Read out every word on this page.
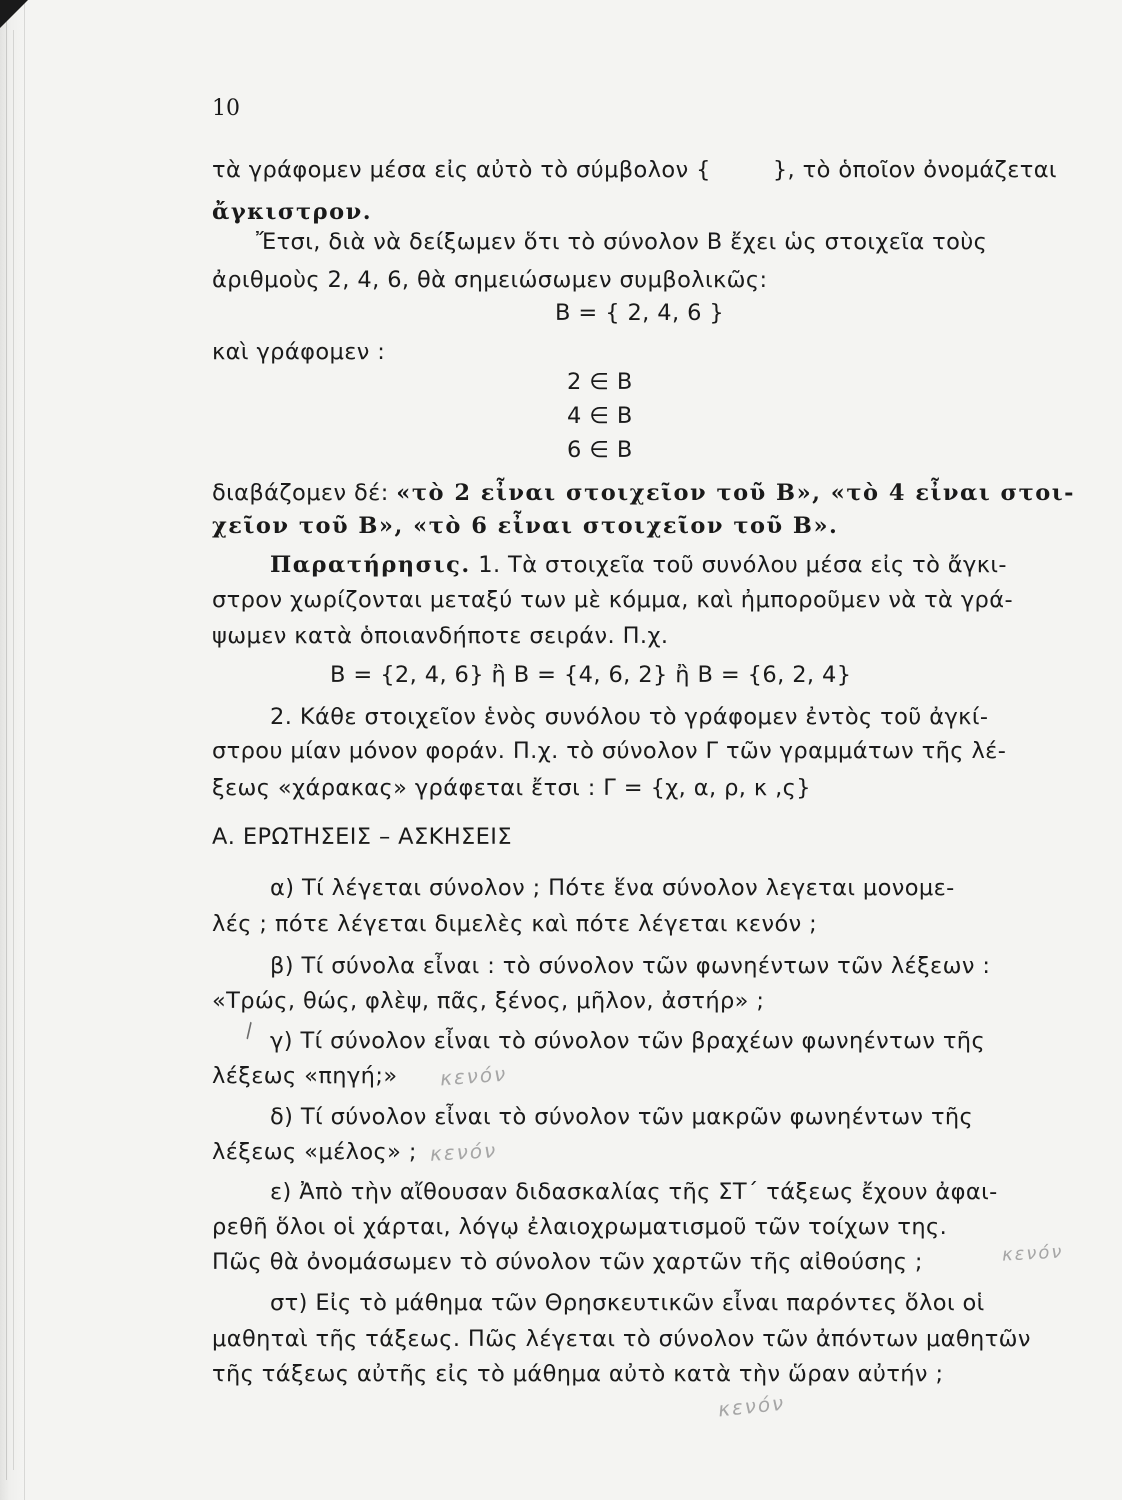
10
τὰ γράφομεν μέσα εἰς αὐτὸ τὸ σύμβολον {	}, τὸ ὁποῖον ὀνομάζεται
ἄγκιστρον.
Ἔτσι, διὰ νὰ δείξωμεν ὅτι τὸ σύνολον Β ἔχει ὡς στοιχεῖα τοὺς
ἀριθμοὺς 2, 4, 6, θὰ σημειώσωμεν συμβολικῶς:
Β = { 2, 4, 6 }
καὶ γράφομεν :
2 ∈ Β
4 ∈ Β
6 ∈ Β
διαβάζομεν δέ: «τὸ 2 εἶναι στοιχεῖον τοῦ Β», «τὸ 4 εἶναι στοι-
χεῖον τοῦ Β», «τὸ 6 εἶναι στοιχεῖον τοῦ Β».
Παρατήρησις. 1. Τὰ στοιχεῖα τοῦ συνόλου μέσα εἰς τὸ ἄγκι-
στρον χωρίζονται μεταξύ των μὲ κόμμα, καὶ ἠμποροῦμεν νὰ τὰ γρά-
ψωμεν κατὰ ὁποιανδήποτε σειράν. Π.χ.
Β = {2, 4, 6} ἢ Β = {4, 6, 2} ἢ Β = {6, 2, 4}
2. Κάθε στοιχεῖον ἑνὸς συνόλου τὸ γράφομεν ἐντὸς τοῦ ἀγκί-
στρου μίαν μόνον φοράν. Π.χ. τὸ σύνολον Γ τῶν γραμμάτων τῆς λέ-
ξεως «χάρακας» γράφεται ἔτσι : Γ = {χ, α, ρ, κ ,ς}
Α. ΕΡΩΤΗΣΕΙΣ – ΑΣΚΗΣΕΙΣ
α) Τί λέγεται σύνολον ; Πότε ἕνα σύνολον λεγεται μονομε-
λές ; πότε λέγεται διμελὲς καὶ πότε λέγεται κενόν ;
β) Τί σύνολα εἶναι : τὸ σύνολον τῶν φωνηέντων τῶν λέξεων :
«Τρώς, θώς, φλὲψ, πᾶς, ξένος, μῆλον, ἀστήρ» ;
γ) Τί σύνολον εἶναι τὸ σύνολον τῶν βραχέων φωνηέντων τῆς
λέξεως «πηγή;»
δ) Τί σύνολον εἶναι τὸ σύνολον τῶν μακρῶν φωνηέντων τῆς
λέξεως «μέλος» ;
ε) Ἀπὸ τὴν αἴθουσαν διδασκαλίας τῆς ΣΤ΄ τάξεως ἔχουν ἀφαι-
ρεθῆ ὅλοι οἱ χάρται, λόγῳ ἐλαιοχρωματισμοῦ τῶν τοίχων της.
Πῶς θὰ ὀνομάσωμεν τὸ σύνολον τῶν χαρτῶν τῆς αἰθούσης ;
στ) Εἰς τὸ μάθημα τῶν Θρησκευτικῶν εἶναι παρόντες ὅλοι οἱ
μαθηταὶ τῆς τάξεως. Πῶς λέγεται τὸ σύνολον τῶν ἀπόντων μαθητῶν
τῆς τάξεως αὐτῆς εἰς τὸ μάθημα αὐτὸ κατὰ τὴν ὥραν αὐτήν ;
κενόν
κενόν
κενόν
κενόν
\
